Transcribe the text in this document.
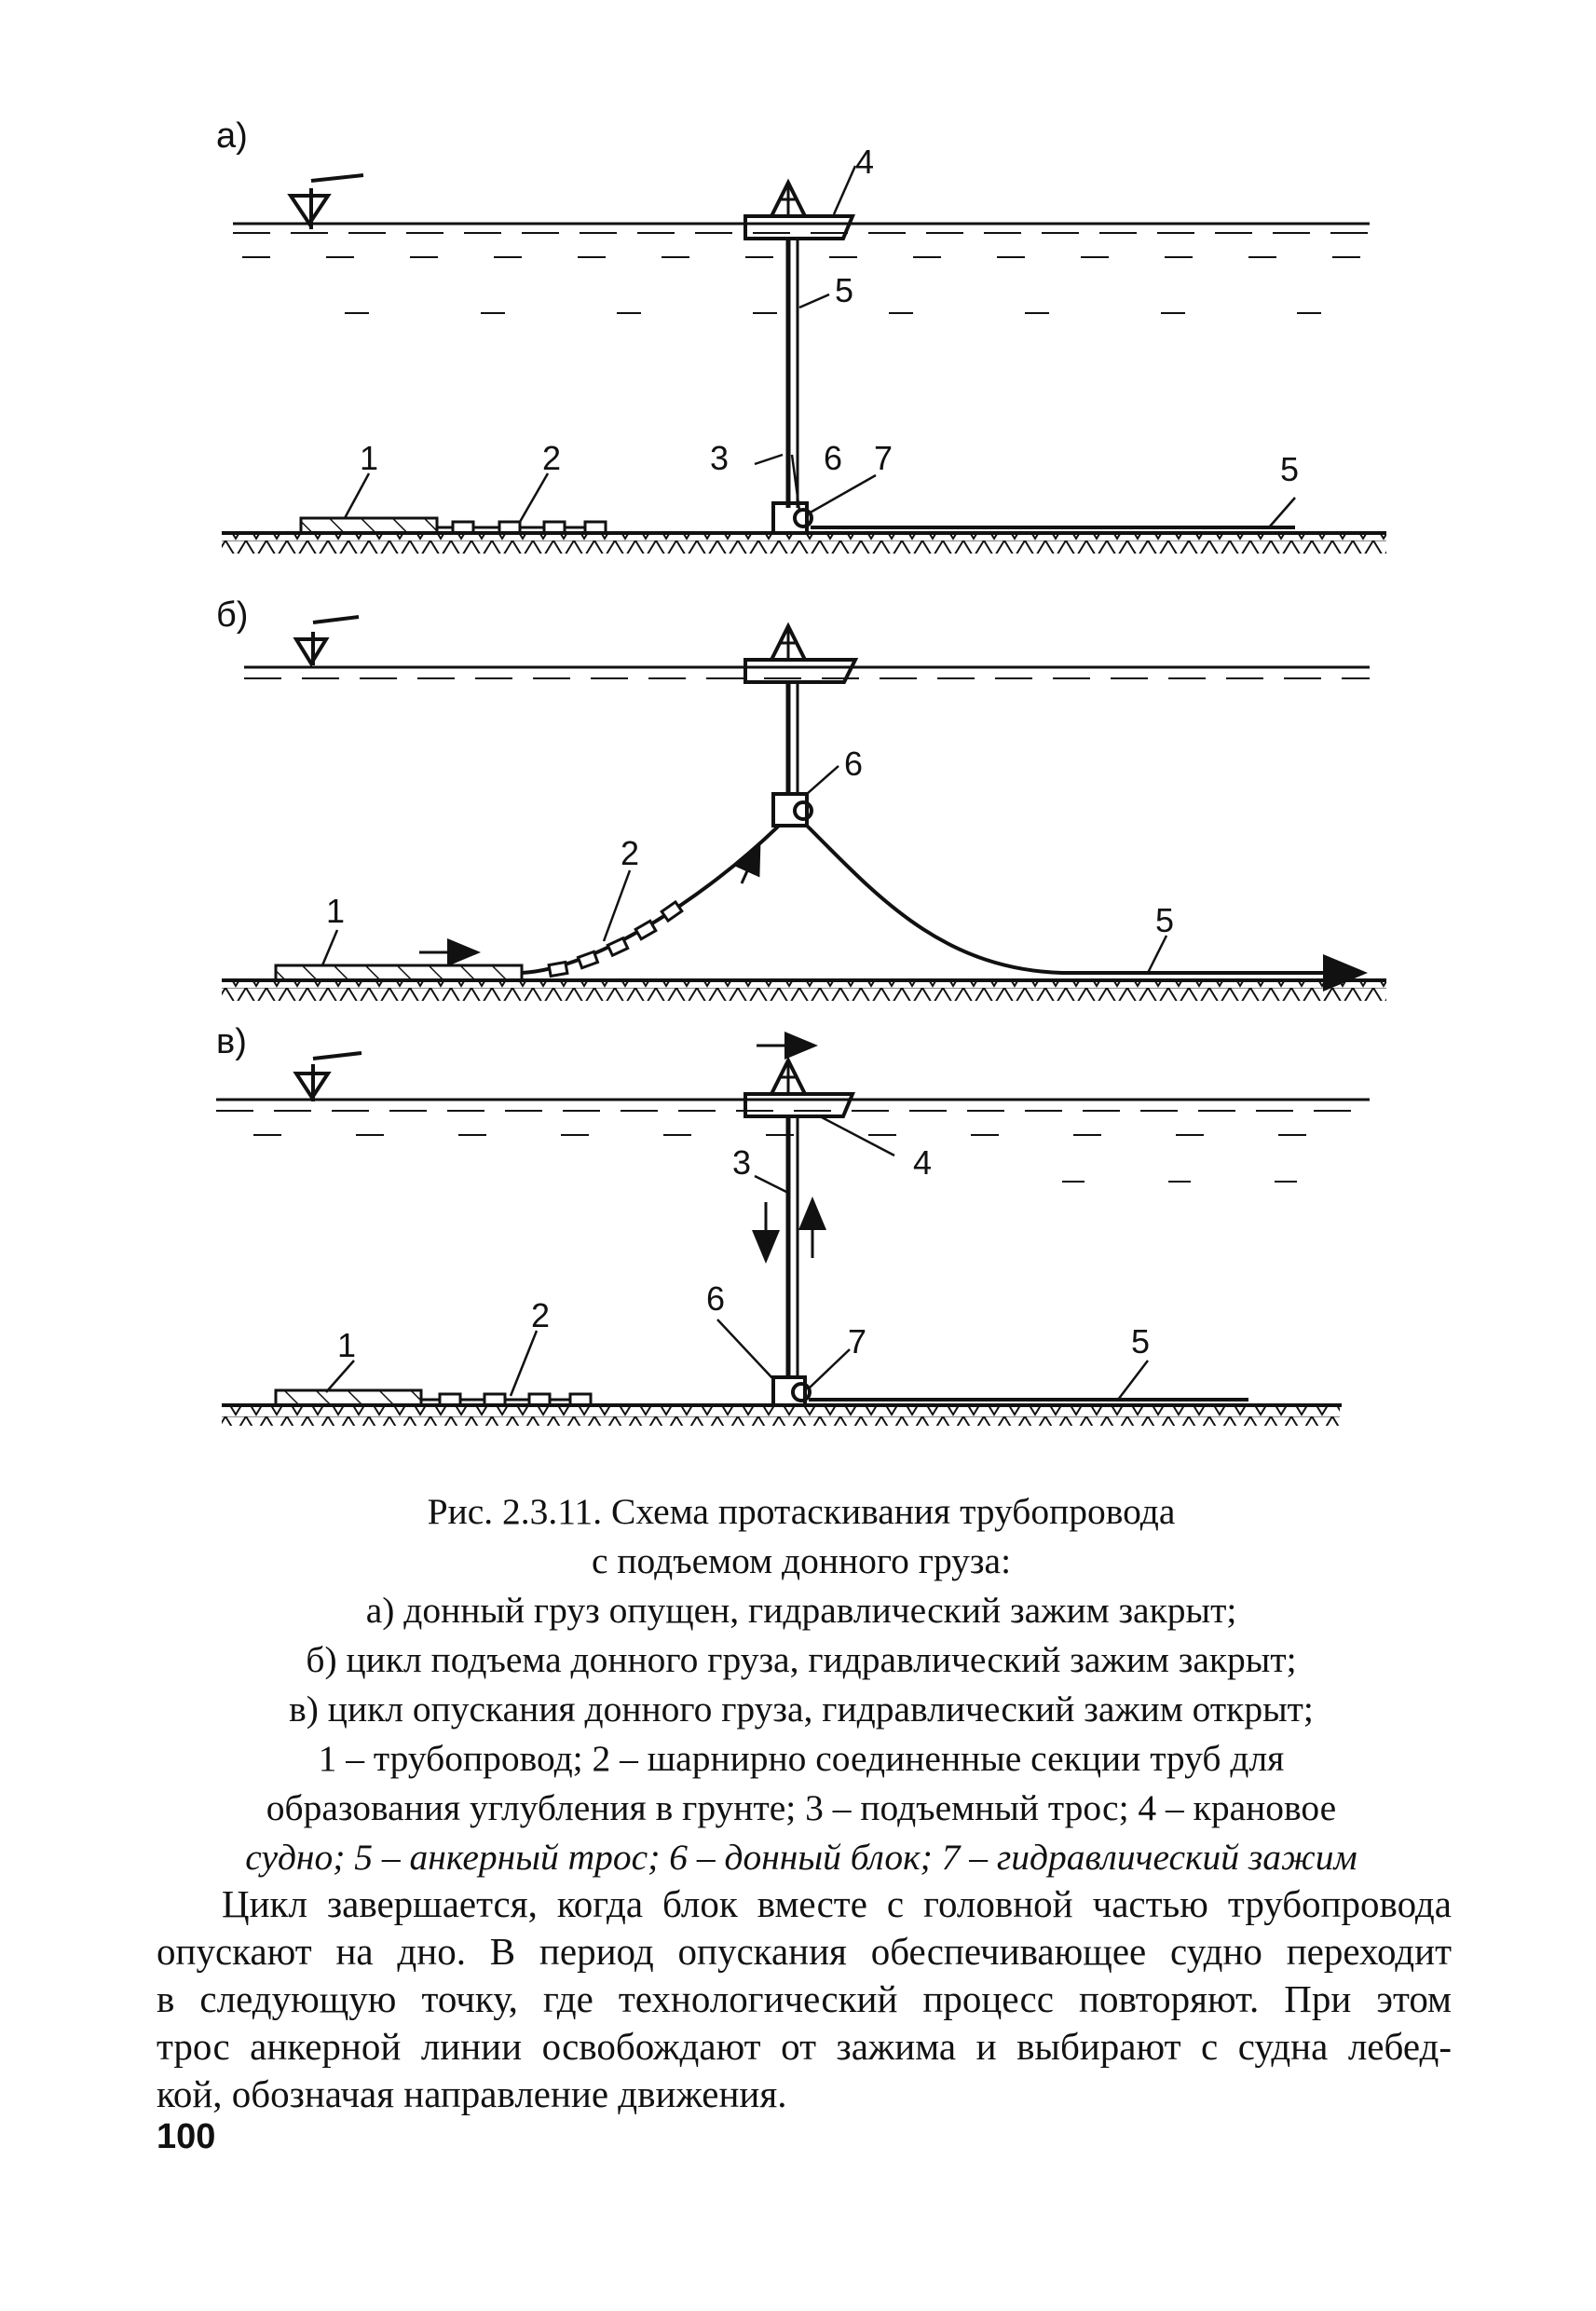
а)
1	2	3
4
5
5
6 7
б)
1
2
5
6
в)
1
2
3	4
5
6
7
Рис. 2.3.11. Схема протаскивания трубопровода
с подъемом донного груза:
а) донный груз опущен, гидравлический зажим закрыт;
б) цикл подъема донного груза, гидравлический зажим закрыт;
в) цикл опускания донного груза, гидравлический зажим открыт;
1 – трубопровод; 2 – шарнирно соединенные секции труб для
образования углубления в грунте; 3 – подъемный трос; 4 – крановое
судно; 5 – анкерный трос; 6 – донный блок; 7 – гидравлический зажим
Цикл завершается, когда блок вместе с головной частью трубопровода
опускают на дно. В период опускания обеспечивающее судно переходит
в следующую точку, где технологический процесс повторяют. При этом
трос анкерной линии освобождают от зажима и выбирают с судна лебед-
кой, обозначая направление движения.
100
